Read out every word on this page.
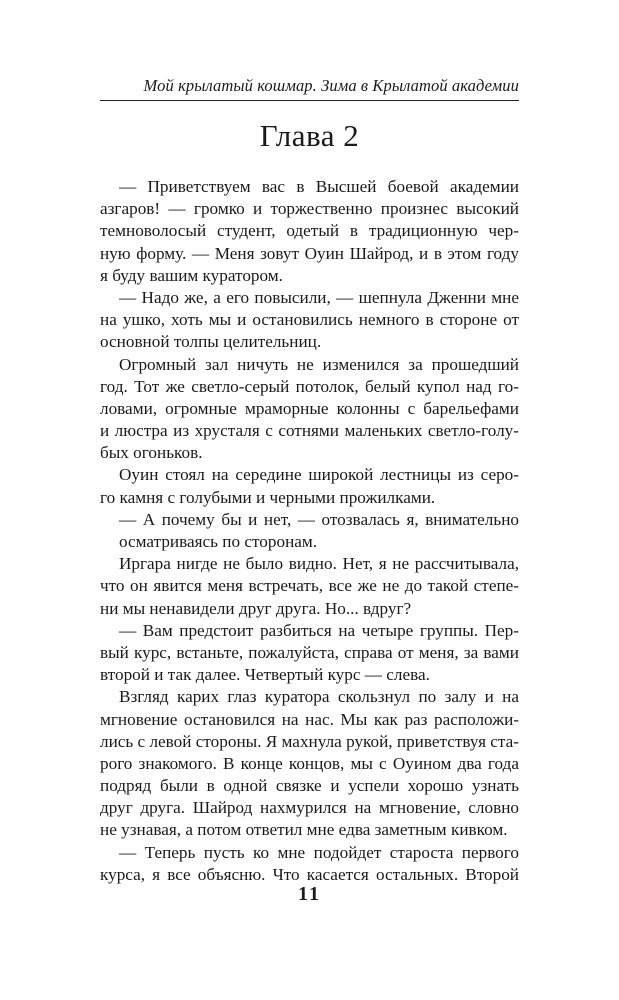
Мой крылатый кошмар. Зима в Крылатой академии
Глава 2
— Приветствуем вас в Высшей боевой академии
азгаров! — громко и торжественно произнес высокий
темноволосый студент, одетый в традиционную чер-
ную форму. — Меня зовут Оуин Шайрод, и в этом году
я буду вашим куратором.
— Надо же, а его повысили, — шепнула Дженни мне
на ушко, хоть мы и остановились немного в стороне от
основной толпы целительниц.
Огромный зал ничуть не изменился за прошедший
год. Тот же светло-серый потолок, белый купол над го-
ловами, огромные мраморные колонны с барельефами
и люстра из хрусталя с сотнями маленьких светло-голу-
бых огоньков.
Оуин стоял на середине широкой лестницы из серо-
го камня с голубыми и черными прожилками.
— А почему бы и нет, — отозвалась я, внимательно
осматриваясь по сторонам.
Иргара нигде не было видно. Нет, я не рассчитывала,
что он явится меня встречать, все же не до такой степе-
ни мы ненавидели друг друга. Но... вдруг?
— Вам предстоит разбиться на четыре группы. Пер-
вый курс, встаньте, пожалуйста, справа от меня, за вами
второй и так далее. Четвертый курс — слева.
Взгляд карих глаз куратора скользнул по залу и на
мгновение остановился на нас. Мы как раз расположи-
лись с левой стороны. Я махнула рукой, приветствуя ста-
рого знакомого. В конце концов, мы с Оуином два года
подряд были в одной связке и успели хорошо узнать
друг друга. Шайрод нахмурился на мгновение, словно
не узнавая, а потом ответил мне едва заметным кивком.
— Теперь пусть ко мне подойдет староста первого
курса, я все объясню. Что касается остальных. Второй
11
